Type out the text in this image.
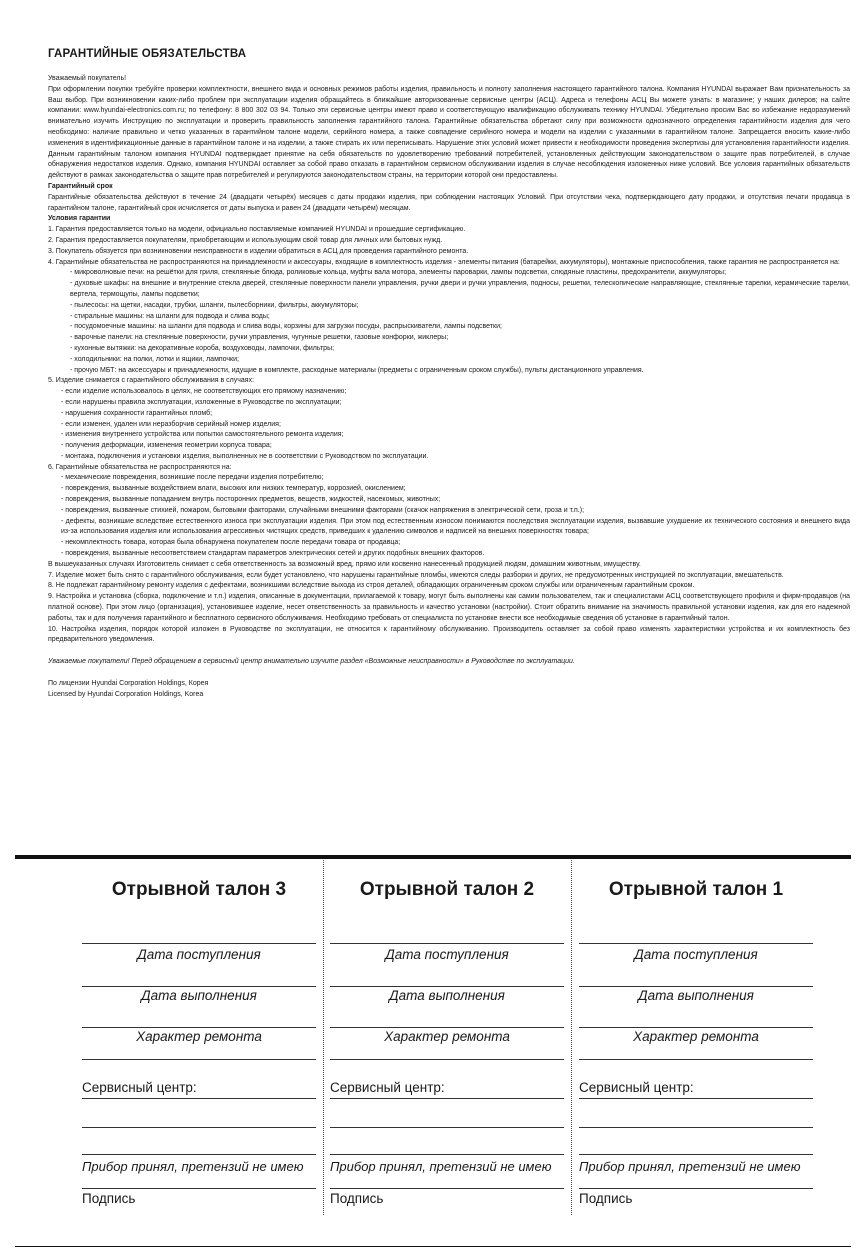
ГАРАНТИЙНЫЕ ОБЯЗАТЕЛЬСТВА

Уважаемый покупатель!

При оформлении покупки требуйте проверки комплектности, внешнего вида и основных режимов работы изделия, правильность и полноту заполнения настоящего гарантийного талона. Компания HYUNDAI выражает Вам признательность за Ваш выбор. При возникновении каких-либо проблем при эксплуатации изделия обращайтесь в ближайшие авторизованные сервисные центры (АСЦ). Адреса и телефоны АСЦ Вы можете узнать: в магазине; у наших дилеров; на сайте компании: www.hyundai-electronics.com.ru; по телефону: 8 800 302 03 94. Только эти сервисные центры имеют право и соответствующую квалификацию обслуживать технику HYUNDAI. Убедительно просим Вас во избежание недоразумений внимательно изучить Инструкцию по эксплуатации и проверить правильность заполнения гарантийного талона. Гарантийные обязательства обретают силу при возможности однозначного определения гарантийности изделия для чего необходимо: наличие правильно и четко указанных в гарантийном талоне модели, серийного номера, а также совпадение серийного номера и модели на изделии с указанными в гарантийном талоне. Запрещается вносить какие-либо изменения в идентификационные данные в гарантийном талоне и на изделии, а также стирать их или переписывать. Нарушение этих условий может привести к необходимости проведения экспертизы для установления гарантийности изделия. Данным гарантийным талоном компания HYUNDAI подтверждает принятие на себя обязательств по удовлетворению требований потребителей, установленных действующим законодательством о защите прав потребителей, в случае обнаружения недостатков изделия. Однако, компания HYUNDAI оставляет за собой право отказать в гарантийном сервисном обслуживании изделия в случае несоблюдения изложенных ниже условий. Все условия гарантийных обязательств действуют в рамках законодательства о защите прав потребителей и регулируются законодательством страны, на территории которой они предоставлены.

Гарантийный срок

Гарантийные обязательства действуют в течение 24 (двадцати четырёх) месяцев с даты продажи изделия, при соблюдении настоящих Условий. При отсутствии чека, подтверждающего дату продажи, и отсутствия печати продавца в гарантийном талоне, гарантийный срок исчисляется от даты выпуска и равен 24 (двадцати четырём) месяцам.

Условия гарантии

1. Гарантия предоставляется только на модели, официально поставляемые компанией HYUNDAI и прошедшие сертификацию.

2. Гарантия предоставляется покупателям, приобретающим и использующим свой товар для личных или бытовых нужд.

3. Покупатель обязуется при возникновении неисправности в изделии обратиться в АСЦ для проведения гарантийного ремонта.

4. Гарантийные обязательства не распространяются на принадлежности и аксессуары, входящие в комплектность изделия - элементы питания (батарейки, аккумуляторы), монтажные приспособления, также гарантия не распространяется на:

- микроволновые печи: на решётки для гриля, стеклянные блюда, роликовые кольца, муфты вала мотора, элементы пароварки, лампы подсветки, слюдяные пластины, предохранители, аккумуляторы;

- духовые шкафы: на внешние и внутренние стекла дверей, стеклянные поверхности панели управления, ручки двери и ручки управления, подносы, решетки, телескопические направляющие, стеклянные тарелки, керамические тарелки, вертела, термощупы, лампы подсветки;

- пылесосы: на щетки, насадки, трубки, шланги, пылесборники, фильтры, аккумуляторы;

- стиральные машины: на шланги для подвода и слива воды;

- посудомоечные машины: на шланги для подвода и слива воды, корзины для загрузки посуды, распрыскиватели, лампы подсветки;

- варочные панели: на стеклянные поверхности, ручки управления, чугунные решетки, газовые конфорки, жиклеры;

- кухонные вытяжки: на декоративные короба, воздуховоды, лампочки, фильтры;

- холодильники: на полки, лотки и ящики, лампочки;

- прочую МБТ: на аксессуары и принадлежности, идущие в комплекте, расходные материалы (предметы с ограниченным сроком службы), пульты дистанционного управления.

5. Изделие снимается с гарантийного обслуживания в случаях:

- если изделие использовалось в целях, не соответствующих его прямому назначению;

- если нарушены правила эксплуатации, изложенные в Руководстве по эксплуатации;

- нарушения сохранности гарантийных пломб;

- если изменен, удален или неразборчив серийный номер изделия;

- изменения внутреннего устройства или попытки самостоятельного ремонта изделия;

- получения деформации, изменения геометрии корпуса товара;

- монтажа, подключения и установки изделия, выполненных не в соответствии с Руководством по эксплуатации.

6. Гарантийные обязательства не распространяются на:

- механические повреждения, возникшие после передачи изделия потребителю;

- повреждения, вызванные воздействием влаги, высоких или низких температур, коррозией, окислением;

- повреждения, вызванные попаданием внутрь посторонних предметов, веществ, жидкостей, насекомых, животных;

- повреждения, вызванные стихией, пожаром, бытовыми факторами, случайными внешними факторами (скачок напряжения в электрической сети, гроза и т.п.);

- дефекты, возникшие вследствие естественного износа при эксплуатации изделия. При этом под естественным износом понимаются последствия эксплуатации изделия, вызвавшие ухудшение их технического состояния и внешнего вида из-за использования изделия или использования агрессивных чистящих средств, приведших к удалению символов и надписей на внешних поверхностях товара;

- некомплектность товара, которая была обнаружена покупателем после передачи товара от продавца;

- повреждения, вызванные несоответствием стандартам параметров электрических сетей и других подобных внешних факторов.

В вышеуказанных случаях Изготовитель снимает с себя ответственность за возможный вред, прямо или косвенно нанесенный продукцией людям, домашним животным, имуществу.

7. Изделие может быть снято с гарантийного обслуживания, если будет установлено, что нарушены гарантийные пломбы, имеются следы разборки и других, не предусмотренных инструкцией по эксплуатации, вмешательств.

8. Не подлежат гарантийному ремонту изделия с дефектами, возникшими вследствие выхода из строя деталей, обладающих ограниченным сроком службы или ограниченным гарантийным сроком.

9. Настройка и установка (сборка, подключение и т.п.) изделия, описанные в документации, прилагаемой к товару, могут быть выполнены как самим пользователем, так и специалистами АСЦ соответствующего профиля и фирм-продавцов (на платной основе). При этом лицо (организация), установившее изделие, несет ответственность за правильность и качество установки (настройки). Стоит обратить внимание на значимость правильной установки изделия, как для его надежной работы, так и для получения гарантийного и бесплатного сервисного обслуживания. Необходимо требовать от специалиста по установке внести все необходимые сведения об установке в гарантийный талон.

10. Настройка изделия, порядок которой изложен в Руководстве по эксплуатации, не относится к гарантийному обслуживанию. Производитель оставляет за собой право изменять характеристики устройства и их комплектность без предварительного уведомления.

Уважаемые покупатели! Перед обращением в сервисный центр внимательно изучите раздел «Возможные неисправности» в Руководстве по эксплуатации.
По лицензии Hyundai Corporation Holdings, Корея
Licensed by Hyundai Corporation Holdings, Korea
Отрывной талон 3
Дата поступления
Дата выполнения
Характер ремонта
Сервисный центр:
Прибор принял, претензий не имею
Подпись
Отрывной талон 2
Дата поступления
Дата выполнения
Характер ремонта
Сервисный центр:
Прибор принял, претензий не имею
Подпись
Отрывной талон 1
Дата поступления
Дата выполнения
Характер ремонта
Сервисный центр:
Прибор принял, претензий не имею
Подпись
